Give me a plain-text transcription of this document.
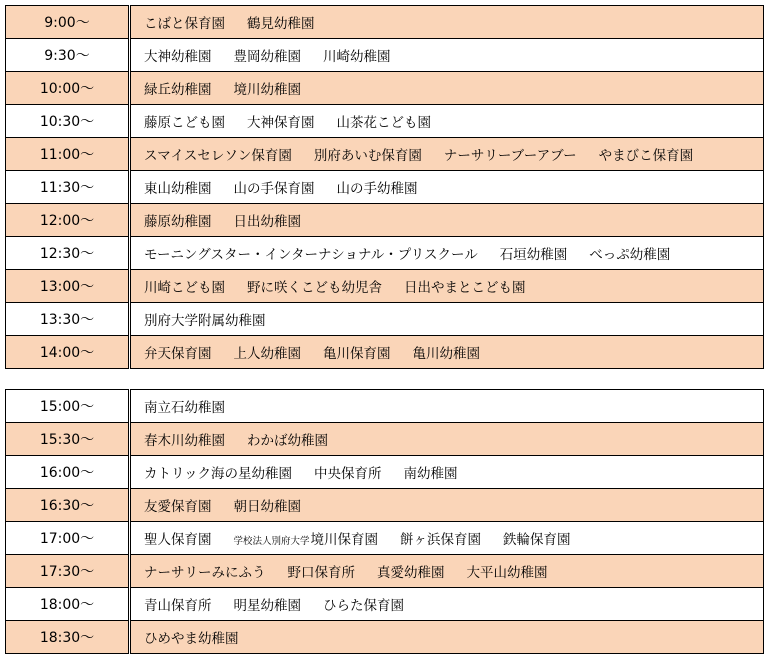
9:00～	こばと保育園 鶴見幼稚園
9:30～	大神幼稚園 豊岡幼稚園 川崎幼稚園
10:00～	緑丘幼稚園 境川幼稚園
10:30～	藤原こども園 大神保育園 山茶花こども園
11:00～	スマイスセレソン保育園 別府あいむ保育園 ナーサリーブーアブー やまびこ保育園
11:30～	東山幼稚園 山の手保育園 山の手幼稚園
12:00～	藤原幼稚園 日出幼稚園
12:30～	モーニングスター・インターナショナル・プリスクール 石垣幼稚園 べっぷ幼稚園
13:00～	川崎こども園 野に咲くこども幼児舎 日出やまとこども園
13:30～	別府大学附属幼稚園
14:00～	弁天保育園 上人幼稚園 亀川保育園 亀川幼稚園
15:00～	南立石幼稚園
15:30～	春木川幼稚園 わかば幼稚園
16:00～	カトリック海の星幼稚園 中央保育所 南幼稚園
16:30～	友愛保育園 朝日幼稚園
17:00～	聖人保育園 学校法人別府大学境川保育園 餅ヶ浜保育園 鉄輪保育園
17:30～	ナーサリーみにふう 野口保育所 真愛幼稚園 大平山幼稚園
18:00～	青山保育所 明星幼稚園 ひらた保育園
18:30～	ひめやま幼稚園
